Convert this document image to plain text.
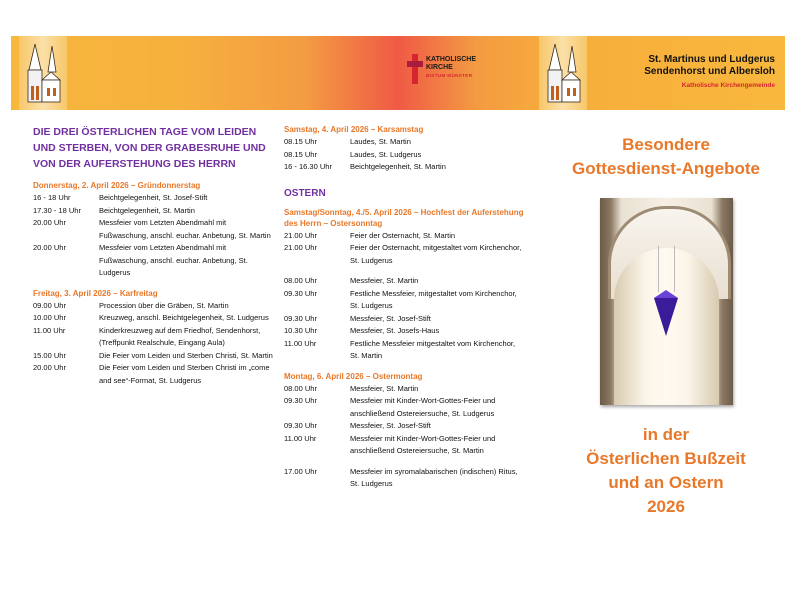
KATHOLISCHE
KIRCHE
BISTUM MÜNSTER
St. Martinus und Ludgerus
Sendenhorst und Albersloh
Katholische Kirchengemeinde
DIE DREI ÖSTERLICHEN TAGE VOM LEIDEN UND STERBEN, VON DER GRABESRUHE UND VON DER AUFERSTEHUNG DES HERRN
Donnerstag, 2. April 2026 – Gründonnerstag
16 - 18 Uhr	Beichtgelegenheit, St. Josef-Stift
17.30 - 18 Uhr	Beichtgelegenheit, St. Martin
20.00 Uhr	Messfeier vom Letzten Abendmahl mit Fußwaschung, anschl. euchar. Anbetung, St. Martin
20.00 Uhr	Messfeier vom Letzten Abendmahl mit Fußwaschung, anschl. euchar. Anbetung, St. Ludgerus
Freitag, 3. April 2026 – Karfreitag
09.00 Uhr	Procession über die Gräben, St. Martin
10.00 Uhr	Kreuzweg, anschl. Beichtgelegenheit, St. Ludgerus
11.00 Uhr	Kinderkreuzweg auf dem Friedhof, Sendenhorst, (Treffpunkt Realschule, Eingang Aula)
15.00 Uhr	Die Feier vom Leiden und Sterben Christi, St. Martin
20.00 Uhr	Die Feier vom Leiden und Sterben Christi im „come and see“-Format, St. Ludgerus
Samstag, 4. April 2026 – Karsamstag
08.15 Uhr	Laudes, St. Martin
08.15 Uhr	Laudes, St. Ludgerus
16 - 16.30 Uhr	Beichtgelegenheit, St. Martin
OSTERN
Samstag/Sonntag, 4./5. April 2026 – Hochfest der Auferstehung des Herrn – Ostersonntag
21.00 Uhr	Feier der Osternacht, St. Martin
21.00 Uhr	Feier der Osternacht, mitgestaltet vom Kirchenchor, St. Ludgerus
08.00 Uhr	Messfeier, St. Martin
09.30 Uhr	Festliche Messfeier, mitgestaltet vom Kirchenchor, St. Ludgerus
09.30 Uhr	Messfeier, St. Josef-Stift
10.30 Uhr	Messfeier, St. Josefs-Haus
11.00 Uhr	Festliche Messfeier mitgestaltet vom Kirchenchor, St. Martin
Montag, 6. April 2026 – Ostermontag
08.00 Uhr	Messfeier, St. Martin
09.30 Uhr	Messfeier mit Kinder-Wort-Gottes-Feier und anschließend Ostereiersuche, St. Ludgerus
09.30 Uhr	Messfeier, St. Josef-Stift
11.00 Uhr	Messfeier mit Kinder-Wort-Gottes-Feier und anschließend Ostereiersuche, St. Martin
17.00 Uhr	Messfeier im syromalabarischen (indischen) Ritus, St. Ludgerus
Besondere
Gottesdienst-Angebote
in der
Österlichen Bußzeit
und an Ostern
2026
